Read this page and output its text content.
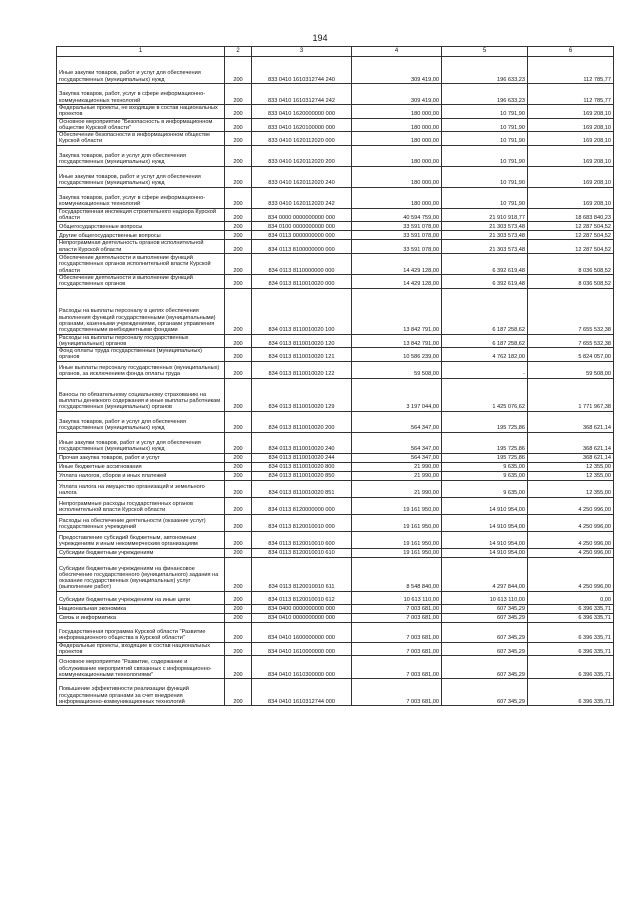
194
1	2	3	4	5	6
Иные закупки товаров, работ и услуг для обеспечения государственных (муниципальных) нужд	200	833 0410 1610312744 240	309 419,00	196 633,23	112 785,77
Закупка товаров, работ, услуг в сфере информационно-коммуникационных технологий	200	833 0410 1610312744 242	309 419,00	196 633,23	112 785,77
Федеральные проекты, не входящие в состав национальных проектов	200	833 0410 1620000000 000	180 000,00	10 791,90	169 208,10
Основное мероприятие "Безопасность в информационном обществе Курской области"	200	833 0410 1620100000 000	180 000,00	10 791,90	169 208,10
Обеспечение безопасности в информационном обществе Курской области	200	833 0410 1620112020 000	180 000,00	10 791,90	169 208,10
Закупка товаров, работ и услуг для обеспечения государственных (муниципальных) нужд	200	833 0410 1620112020 200	180 000,00	10 791,90	169 208,10
Иные закупки товаров, работ и услуг для обеспечения государственных (муниципальных) нужд	200	833 0410 1620112020 240	180 000,00	10 791,90	169 208,10
Закупка товаров, работ, услуг в сфере информационно-коммуникационных технологий	200	833 0410 1620112020 242	180 000,00	10 791,90	169 208,10
Государственная инспекция строительного надзора Курской области	200	834 0000 0000000000 000	40 594 759,00	21 910 918,77	18 683 840,23
Общегосударственные вопросы	200	834 0100 0000000000 000	33 591 078,00	21 303 573,48	12 287 504,52
Другие общегосударственные вопросы	200	834 0113 0000000000 000	33 591 078,00	21 303 573,48	12 287 504,52
Непрограммная деятельность органов исполнительной власти Курской области	200	834 0113 8100000000 000	33 591 078,00	21 303 573,48	12 287 504,52
Обеспечение деятельности и выполнение функций государственных органов исполнительной власти Курской области	200	834 0113 8110000000 000	14 429 128,00	6 392 619,48	8 036 508,52
Обеспечение деятельности и выполнение функций государственных органов	200	834 0113 8110010020 000	14 429 128,00	6 392 619,48	8 036 508,52
Расходы на выплаты персоналу в целях обеспечения выполнения функций государственными (муниципальными) органами, казенными учреждениями, органами управления государственными внебюджетными фондами	200	834 0113 8110010020 100	13 842 791,00	6 187 258,62	7 655 532,38
Расходы на выплаты персоналу государственных (муниципальных) органов	200	834 0113 8110010020 120	13 842 791,00	6 187 258,62	7 655 532,38
Фонд оплаты труда государственных (муниципальных) органов	200	834 0113 8110010020 121	10 586 239,00	4 762 182,00	5 824 057,00
Иные выплаты персоналу государственных (муниципальных) органов, за исключением фонда оплаты труда	200	834 0113 8110010020 122	59 508,00	-	59 508,00
Взносы по обязательному социальному страхованию на выплаты денежного содержания и иные выплаты работникам государственных (муниципальных) органов	200	834 0113 8110010020 129	3 197 044,00	1 425 076,62	1 771 967,38
Закупка товаров, работ и услуг для обеспечения государственных (муниципальных) нужд	200	834 0113 8110010020 200	564 347,00	195 725,86	368 621,14
Иные закупки товаров, работ и услуг для обеспечения государственных (муниципальных) нужд	200	834 0113 8110010020 240	564 347,00	195 725,86	368 621,14
Прочая закупка товаров, работ и услуг	200	834 0113 8110010020 244	564 347,00	195 725,86	368 621,14
Иные бюджетные ассигнования	200	834 0113 8110010020 800	21 990,00	9 635,00	12 355,00
Уплата налогов, сборов и иных платежей	200	834 0113 8110010020 850	21 990,00	9 635,00	12 355,00
Уплата налога на имущество организаций и земельного налога	200	834 0113 8110010020 851	21 990,00	9 635,00	12 355,00
Непрограммные расходы государственных органов исполнительной власти Курской области	200	834 0113 8120000000 000	19 161 950,00	14 910 954,00	4 250 996,00
Расходы на обеспечение деятельности (оказание услуг) государственных учреждений	200	834 0113 8120010010 000	19 161 950,00	14 910 954,00	4 250 996,00
Предоставление субсидий бюджетным, автономным учреждениям и иным некоммерческим организациям	200	834 0113 8120010010 600	19 161 950,00	14 910 954,00	4 250 996,00
Субсидии бюджетным учреждениям	200	834 0113 8120010010 610	19 161 950,00	14 910 954,00	4 250 996,00
Субсидии бюджетным учреждениям на финансовое обеспечение государственного (муниципального) задания на оказание государственных (муниципальных) услуг (выполнение работ)	200	834 0113 8120010010 611	8 548 840,00	4 297 844,00	4 250 996,00
Субсидии бюджетным учреждениям на иные цели	200	834 0113 8120010010 612	10 613 110,00	10 613 110,00	0,00
Национальная экономика	200	834 0400 0000000000 000	7 003 681,00	607 345,29	6 396 335,71
Связь и информатика	200	834 0410 0000000000 000	7 003 681,00	607 345,29	6 396 335,71
Государственная программа Курской области "Развитие информационного общества в Курской области"	200	834 0410 1600000000 000	7 003 681,00	607 345,29	6 396 335,71
Федеральные проекты, входящие в состав национальных проектов	200	834 0410 1610000000 000	7 003 681,00	607 345,29	6 396 335,71
Основное мероприятие "Развитие, содержание и обслуживание мероприятий связанных с информационно-коммуникационными технологиями"	200	834 0410 1610300000 000	7 003 681,00	607 345,29	6 396 335,71
Повышение эффективности реализации функций государственными органами за счет внедрения информационно-коммуникационных технологий	200	834 0410 1610312744 000	7 003 681,00	607 345,29	6 396 335,71
